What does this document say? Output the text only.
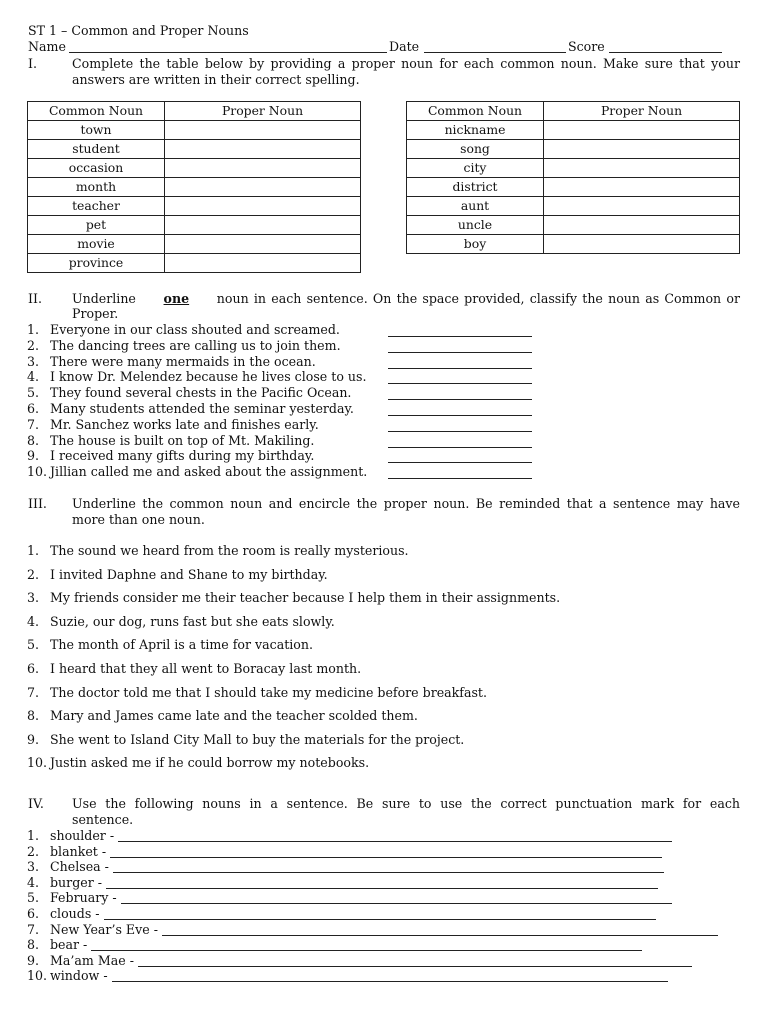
ST 1 – Common and Proper Nouns
Name	Date	Score
I.	Complete the table below by providing a proper noun for each common noun. Make sure that your
answers are written in their correct spelling.
Common Noun	Proper Noun
town	
student	
occasion	
month	
teacher	
pet	
movie	
province	
Common Noun	Proper Noun
nickname	
song	
city	
district	
aunt	
uncle	
boy	
II. Underline one noun in each sentence. On the space provided, classify the noun as Common or
Proper.
1. Everyone in our class shouted and screamed.
2. The dancing trees are calling us to join them.
3. There were many mermaids in the ocean.
4. I know Dr. Melendez because he lives close to us.
5. They found several chests in the Pacific Ocean.
6. Many students attended the seminar yesterday.
7. Mr. Sanchez works late and finishes early.
8. The house is built on top of Mt. Makiling.
9. I received many gifts during my birthday.
10. Jillian called me and asked about the assignment.
III. Underline the common noun and encircle the proper noun. Be reminded that a sentence may have
more than one noun.
1. The sound we heard from the room is really mysterious.
2. I invited Daphne and Shane to my birthday.
3. My friends consider me their teacher because I help them in their assignments.
4. Suzie, our dog, runs fast but she eats slowly.
5. The month of April is a time for vacation.
6. I heard that they all went to Boracay last month.
7. The doctor told me that I should take my medicine before breakfast.
8. Mary and James came late and the teacher scolded them.
9. She went to Island City Mall to buy the materials for the project.
10. Justin asked me if he could borrow my notebooks.
IV. Use the following nouns in a sentence. Be sure to use the correct punctuation mark for each
sentence.
1. shoulder -
2. blanket -
3. Chelsea -
4. burger -
5. February -
6. clouds -
7. New Year’s Eve -
8. bear -
9. Ma’am Mae -
10. window -
